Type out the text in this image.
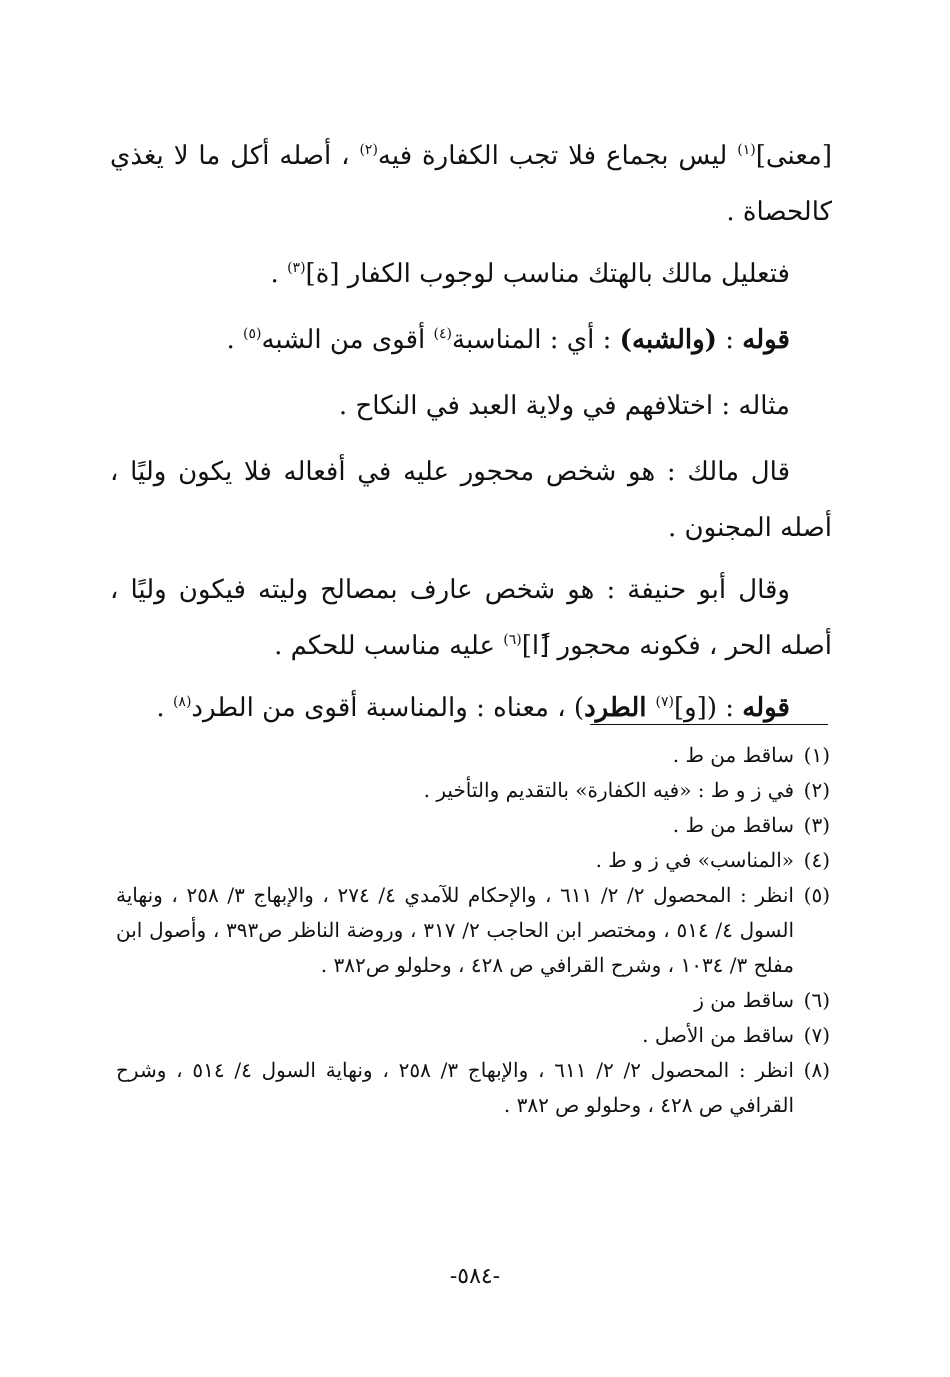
[معنى]$^{(١)}$ ليس بجماع فلا تجب الكفارة فيه$^{(٢)}$ ، أصله أكل ما لا يغذي كالحصاة .

فتعليل مالك بالهتك مناسب لوجوب الكفار [ة]$^{(٣)}$ .

قوله : (والشبه) : أي : المناسبة$^{(٤)}$ أقوى من الشبه$^{(٥)}$ .

مثاله : اختلافهم في ولاية العبد في النكاح .

قال مالك : هو شخص محجور عليه في أفعاله فلا يكون وليًا ، أصله المجنون .

وقال أبو حنيفة : هو شخص عارف بمصالح وليته فيكون وليًا ، أصله الحر ، فكونه محجور [ًا]$^{(٦)}$ عليه مناسب للحكم .

قوله : ([و]$^{(٧)}$ الطرد) ، معناه : والمناسبة أقوى من الطرد$^{(٨)}$ .

(١)
ساقط من ط .
(٢)
في ز و ط : «فيه الكفارة» بالتقديم والتأخير .
(٣)
ساقط من ط .
(٤)
«المناسب» في ز و ط .
(٥)
انظر : المحصول ٢/ ٢/ ٦١١ ، والإحكام للآمدي ٤/ ٢٧٤ ، والإبهاج ٣/ ٢٥٨ ، ونهاية السول ٤/ ٥١٤ ، ومختصر ابن الحاجب ٢/ ٣١٧ ، وروضة الناظر ص٣٩٣ ، وأصول ابن مفلح ٣/ ١٠٣٤ ، وشرح القرافي ص ٤٢٨ ، وحلولو ص٣٨٢ .
(٦)
ساقط من ز
(٧)
ساقط من الأصل .
(٨)
انظر : المحصول ٢/ ٢/ ٦١١ ، والإبهاج ٣/ ٢٥٨ ، ونهاية السول ٤/ ٥١٤ ، وشرح القرافي ص ٤٢٨ ، وحلولو ص ٣٨٢ .
-٥٨٤-
